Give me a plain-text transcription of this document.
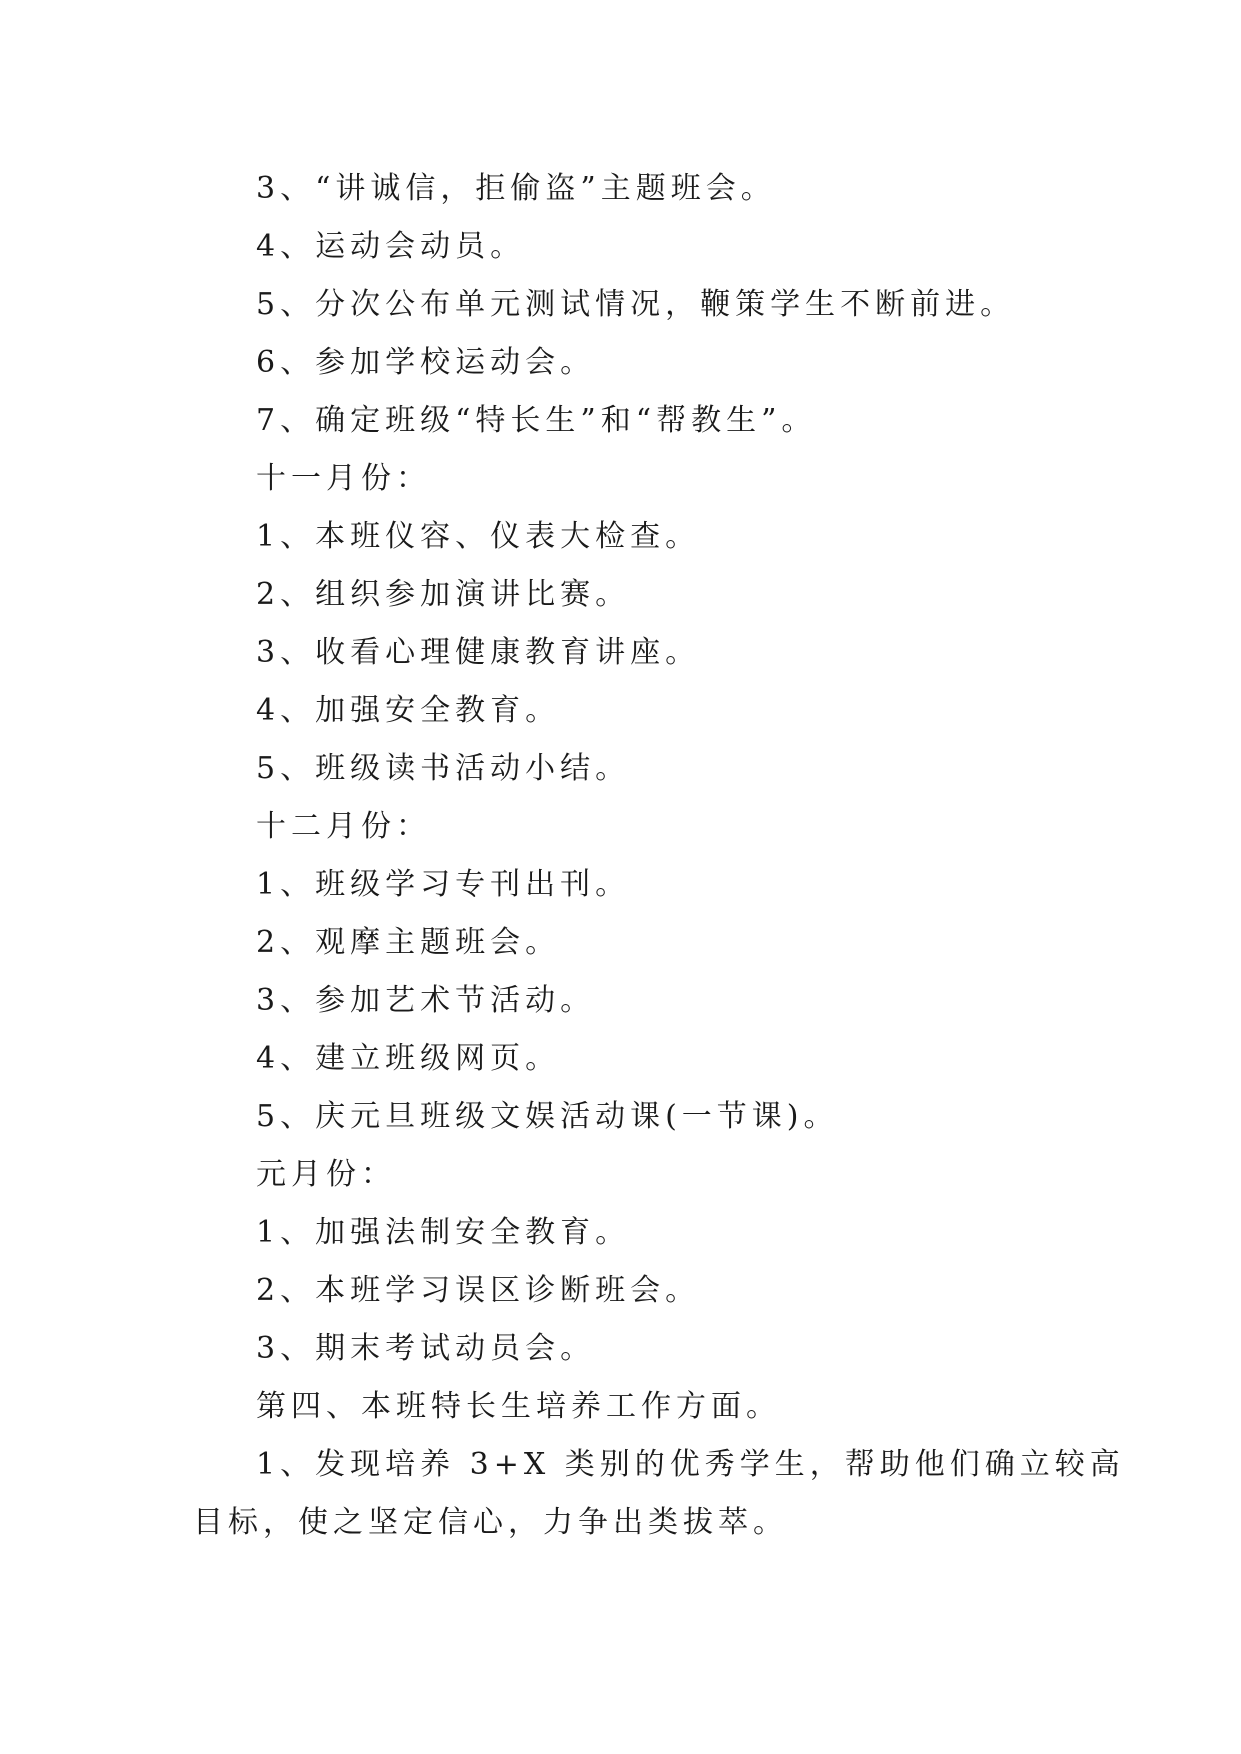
3、“讲诚信，拒偷盗”主题班会。
4、运动会动员。
5、分次公布单元测试情况，鞭策学生不断前进。
6、参加学校运动会。
7、确定班级“特长生”和“帮教生”。
十一月份：
1、本班仪容、仪表大检查。
2、组织参加演讲比赛。
3、收看心理健康教育讲座。
4、加强安全教育。
5、班级读书活动小结。
十二月份：
1、班级学习专刊出刊。
2、观摩主题班会。
3、参加艺术节活动。
4、建立班级网页。
5、庆元旦班级文娱活动课(一节课)。
元月份：
1、加强法制安全教育。
2、本班学习误区诊断班会。
3、期末考试动员会。
第四、本班特长生培养工作方面。
1、发现培养 3+X 类别的优秀学生，帮助他们确立较高
目标，使之坚定信心，力争出类拔萃。
